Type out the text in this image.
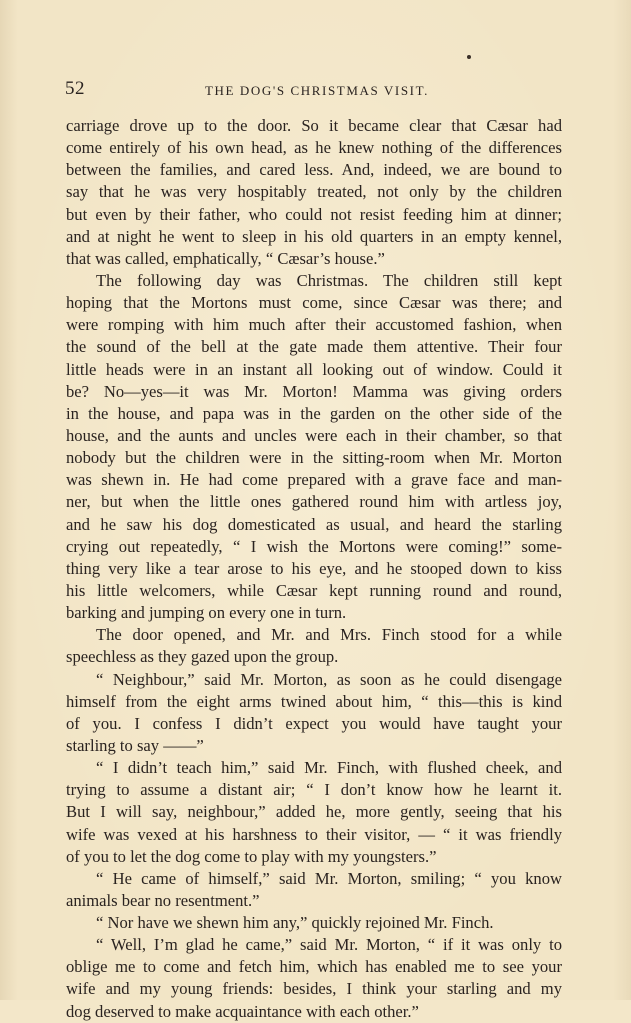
52	THE DOG'S CHRISTMAS VISIT.
carriage drove up to the door. So it became clear that Cæsar had
come entirely of his own head, as he knew nothing of the differences
between the families, and cared less. And, indeed, we are bound to
say that he was very hospitably treated, not only by the children
but even by their father, who could not resist feeding him at dinner;
and at night he went to sleep in his old quarters in an empty kennel,
that was called, emphatically, “ Cæsar’s house.”
The following day was Christmas. The children still kept
hoping that the Mortons must come, since Cæsar was there; and
were romping with him much after their accustomed fashion, when
the sound of the bell at the gate made them attentive. Their four
little heads were in an instant all looking out of window. Could it
be? No—yes—it was Mr. Morton! Mamma was giving orders
in the house, and papa was in the garden on the other side of the
house, and the aunts and uncles were each in their chamber, so that
nobody but the children were in the sitting-room when Mr. Morton
was shewn in. He had come prepared with a grave face and man-
ner, but when the little ones gathered round him with artless joy,
and he saw his dog domesticated as usual, and heard the starling
crying out repeatedly, “ I wish the Mortons were coming!” some-
thing very like a tear arose to his eye, and he stooped down to kiss
his little welcomers, while Cæsar kept running round and round,
barking and jumping on every one in turn.
The door opened, and Mr. and Mrs. Finch stood for a while
speechless as they gazed upon the group.
“ Neighbour,” said Mr. Morton, as soon as he could disengage
himself from the eight arms twined about him, “ this—this is kind
of you. I confess I didn’t expect you would have taught your
starling to say ——”
“ I didn’t teach him,” said Mr. Finch, with flushed cheek, and
trying to assume a distant air; “ I don’t know how he learnt it.
But I will say, neighbour,” added he, more gently, seeing that his
wife was vexed at his harshness to their visitor, — “ it was friendly
of you to let the dog come to play with my youngsters.”
“ He came of himself,” said Mr. Morton, smiling; “ you know
animals bear no resentment.”
“ Nor have we shewn him any,” quickly rejoined Mr. Finch.
“ Well, I’m glad he came,” said Mr. Morton, “ if it was only to
oblige me to come and fetch him, which has enabled me to see your
wife and my young friends: besides, I think your starling and my
dog deserved to make acquaintance with each other.”
